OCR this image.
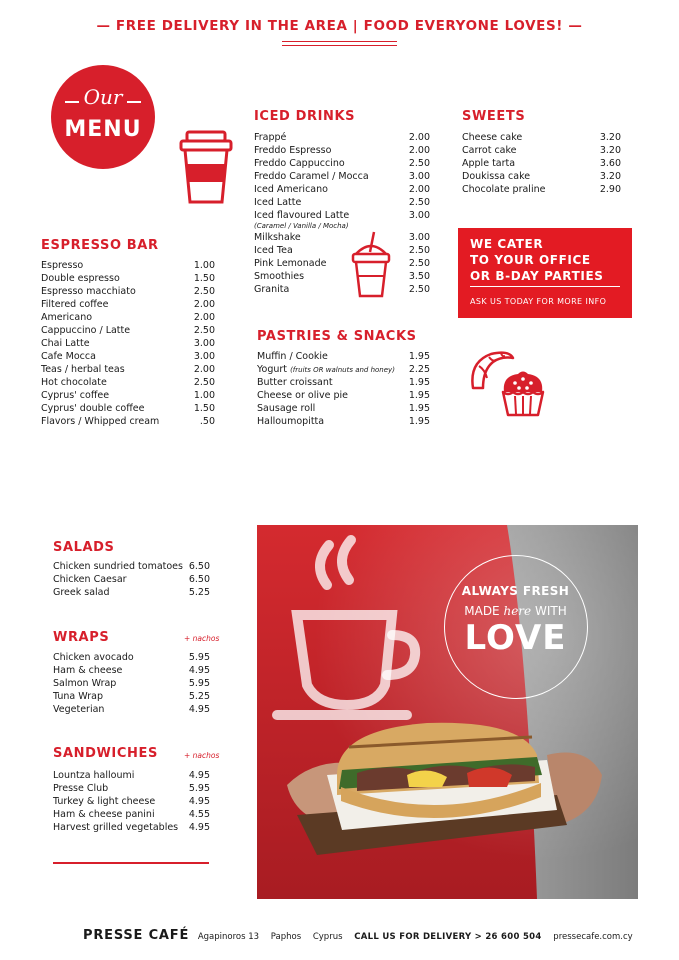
— FREE DELIVERY IN THE AREA | FOOD EVERYONE LOVES! —
Our
MENU
ICED DRINKS
Frappé	2.00
Freddo Espresso	2.00
Freddo Cappuccino	2.50
Freddo Caramel / Mocca	3.00
Iced Americano	2.00
Iced Latte	2.50
Iced flavoured Latte	3.00
(Caramel / Vanilla / Mocha)
Milkshake	3.00
Iced Tea	2.50
Pink Lemonade	2.50
Smoothies	3.50
Granita	2.50
SWEETS
Cheese cake	3.20
Carrot cake	3.20
Apple tarta	3.60
Doukissa cake	3.20
Chocolate praline	2.90
ESPRESSO BAR
Espresso	1.00
Double espresso	1.50
Espresso macchiato	2.50
Filtered coffee	2.00
Americano	2.00
Cappuccino / Latte	2.50
Chai Latte	3.00
Cafe Mocca	3.00
Teas / herbal teas	2.00
Hot chocolate	2.50
Cyprus' coffee	1.00
Cyprus' double coffee	1.50
Flavors / Whipped cream	.50
WE CATER
TO YOUR OFFICE
OR B-DAY PARTIES
ASK US TODAY FOR MORE INFO
PASTRIES & SNACKS
Muffin / Cookie	1.95
Yogurt (fruits OR walnuts and honey) 2.25
Butter croissant	1.95
Cheese or olive pie	1.95
Sausage roll	1.95
Halloumopitta	1.95
SALADS
Chicken sundried tomatoes 6.50
Chicken Caesar	6.50
Greek salad	5.25
WRAPS	+ nachos
Chicken avocado	5.95
Ham & cheese	4.95
Salmon Wrap	5.95
Tuna Wrap	5.25
Vegeterian	4.95
SANDWICHES	+ nachos
Lountza halloumi	4.95
Presse Club	5.95
Turkey & light cheese	4.95
Ham & cheese panini	4.55
Harvest grilled vegetables 4.95
ALWAYS FRESH
MADE here WITH
LOVE
PRESSE CAFÉ Agapinoros 13 Paphos Cyprus CALL US FOR DELIVERY > 26 600 504 pressecafe.com.cy
